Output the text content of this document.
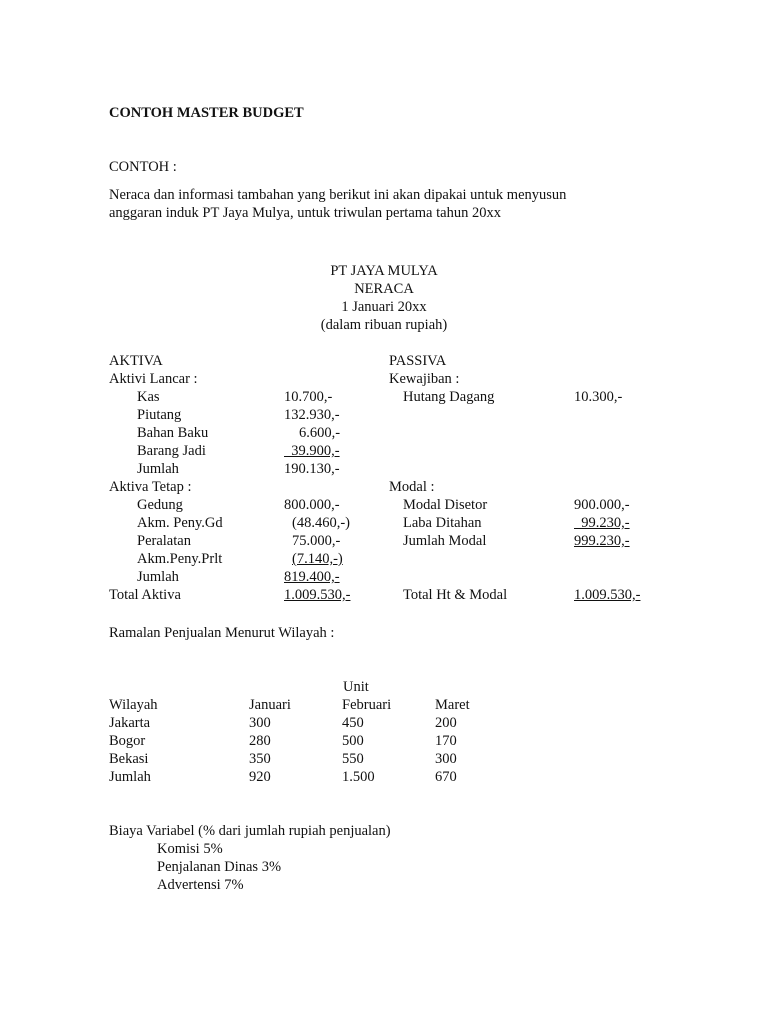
CONTOH MASTER BUDGET
CONTOH :
Neraca dan informasi tambahan yang berikut ini akan dipakai untuk menyusun
anggaran induk PT Jaya Mulya, untuk triwulan pertama tahun 20xx
PT JAYA MULYA
NERACA
1 Januari 20xx
(dalam ribuan rupiah)
AKTIVA
Aktivi Lancar :
Kas	10.700,-
Piutang	132.930,-
Bahan Baku	6.600,-
Barang Jadi	39.900,-
Jumlah	190.130,-
Aktiva Tetap :
Gedung	800.000,-
Akm. Peny.Gd	(48.460,-)
Peralatan	75.000,-
Akm.Peny.Prlt	(7.140,-)
Jumlah	819.400,-
Total Aktiva	1.009.530,-
PASSIVA
Kewajiban :
Hutang Dagang	10.300,-
Modal :
Modal Disetor	900.000,-
Laba Ditahan	99.230,-
Jumlah Modal	999.230,-
Total Ht & Modal	1.009.530,-
Ramalan Penjualan Menurut Wilayah :
Unit
Wilayah	Januari	Februari	Maret
Jakarta	300	450	200
Bogor	280	500	170
Bekasi	350	550	300
Jumlah	920	1.500	670
Biaya Variabel (% dari jumlah rupiah penjualan)
Komisi 5%
Penjalanan Dinas 3%
Advertensi 7%
